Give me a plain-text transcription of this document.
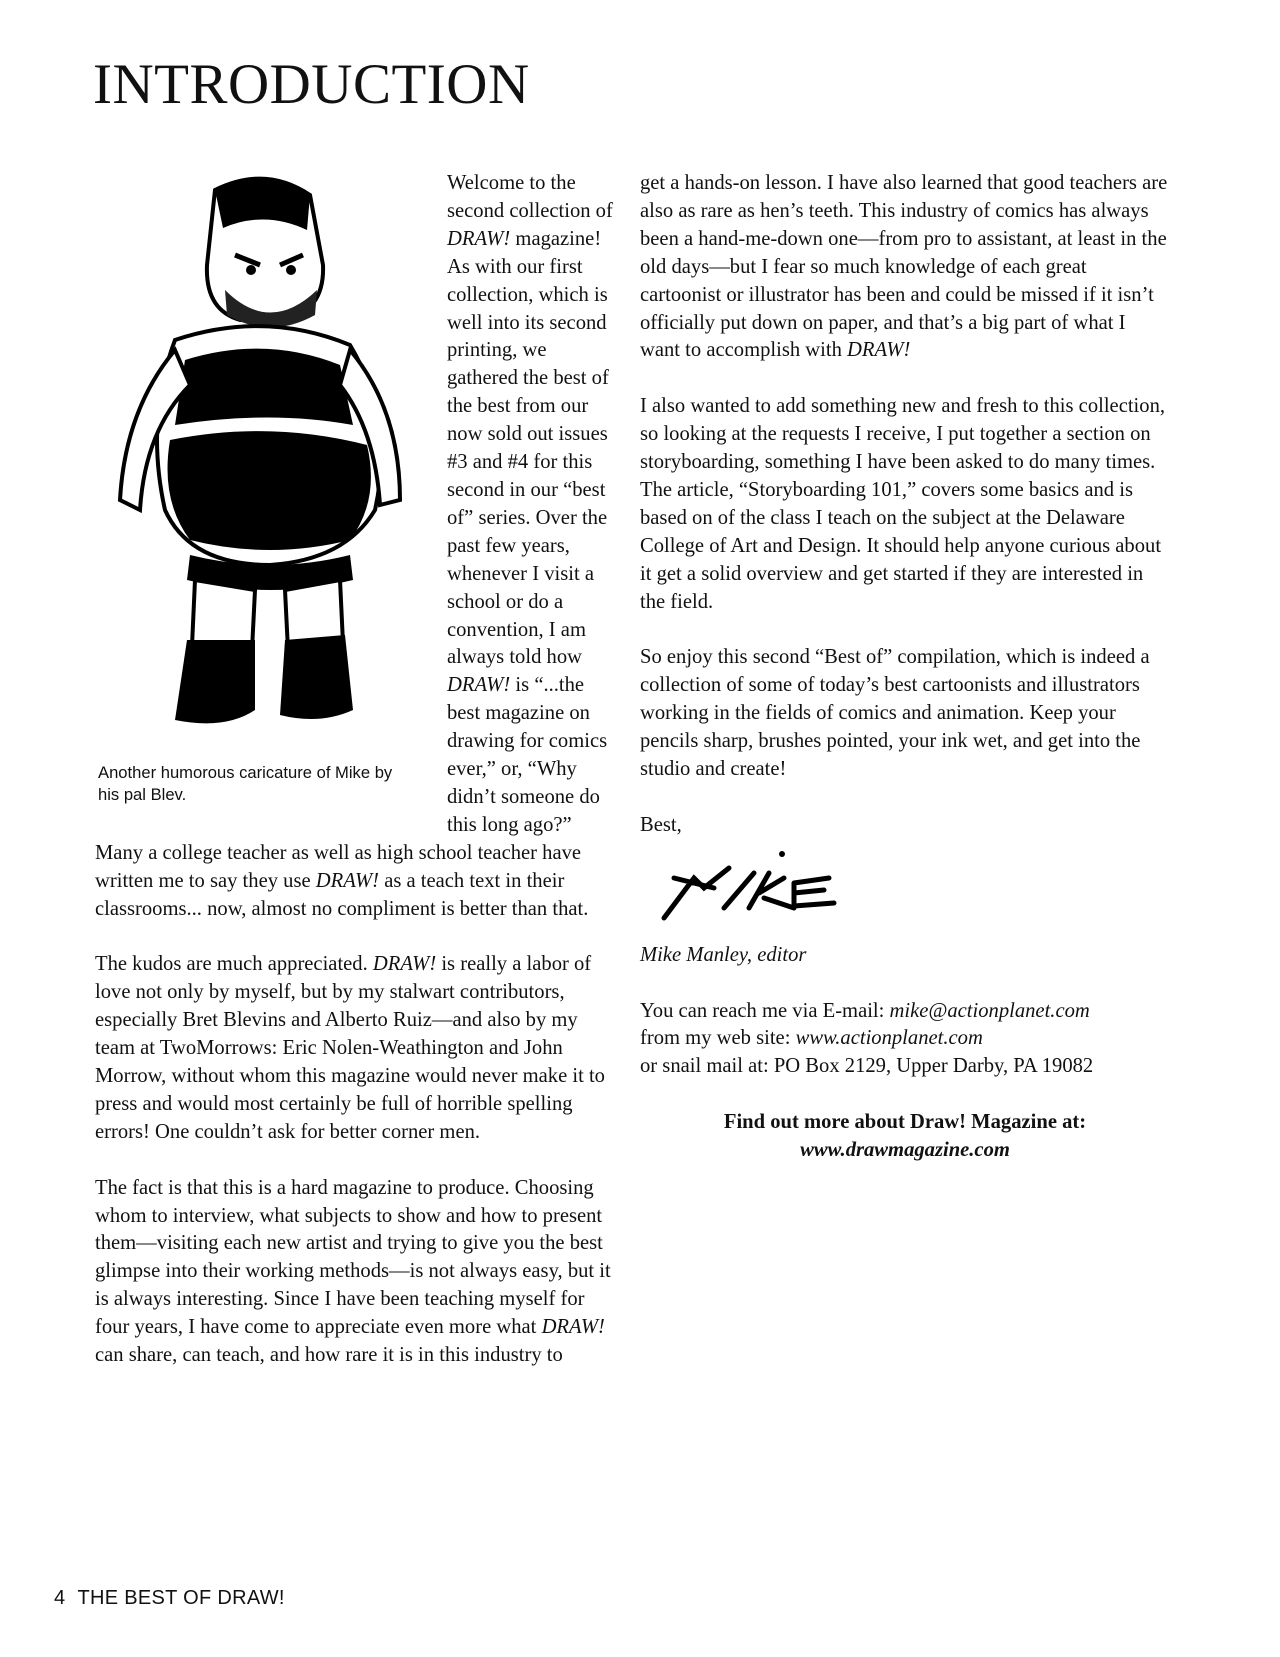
INTRODUCTION
Another humorous caricature of Mike by his pal Blev.

Welcome to the second collection of DRAW! magazine! As with our first collection, which is well into its second printing, we gathered the best of the best from our now sold out issues #3 and #4 for this second in our “best of” series. Over the past few years, whenever I visit a school or do a convention, I am always told how DRAW! is “...the best magazine on drawing for comics ever,” or, “Why didn’t someone do this long ago?” Many a college teacher as well as high school teacher have written me to say they use DRAW! as a teach text in their classrooms... now, almost no compliment is better than that.

The kudos are much appreciated. DRAW! is really a labor of love not only by myself, but by my stalwart contributors, especially Bret Blevins and Alberto Ruiz—and also by my team at TwoMorrows: Eric Nolen-Weathington and John Morrow, without whom this magazine would never make it to press and would most certainly be full of horrible spelling errors! One couldn’t ask for better corner men.

The fact is that this is a hard magazine to produce. Choosing whom to interview, what subjects to show and how to present them—visiting each new artist and trying to give you the best glimpse into their working methods—is not always easy, but it is always interesting. Since I have been teaching myself for four years, I have come to appreciate even more what DRAW! can share, can teach, and how rare it is in this industry to

get a hands-on lesson. I have also learned that good teachers are also as rare as hen’s teeth. This industry of comics has always been a hand-me-down one—from pro to assistant, at least in the old days—but I fear so much knowledge of each great cartoonist or illustrator has been and could be missed if it isn’t officially put down on paper, and that’s a big part of what I want to accomplish with DRAW!

I also wanted to add something new and fresh to this collection, so looking at the requests I receive, I put together a section on storyboarding, something I have been asked to do many times. The article, “Storyboarding 101,” covers some basics and is based on of the class I teach on the subject at the Delaware College of Art and Design. It should help anyone curious about it get a solid overview and get started if they are interested in the field.

So enjoy this second “Best of” compilation, which is indeed a collection of some of today’s best cartoonists and illustrators working in the fields of comics and animation. Keep your pencils sharp, brushes pointed, your ink wet, and get into the studio and create!

Best,

Mike Manley, editor

You can reach me via E-mail: mike@actionplanet.com
from my web site: www.actionplanet.com
or snail mail at: PO Box 2129, Upper Darby, PA 19082

Find out more about Draw! Magazine at:
www.drawmagazine.com
4 THE BEST OF DRAW!
